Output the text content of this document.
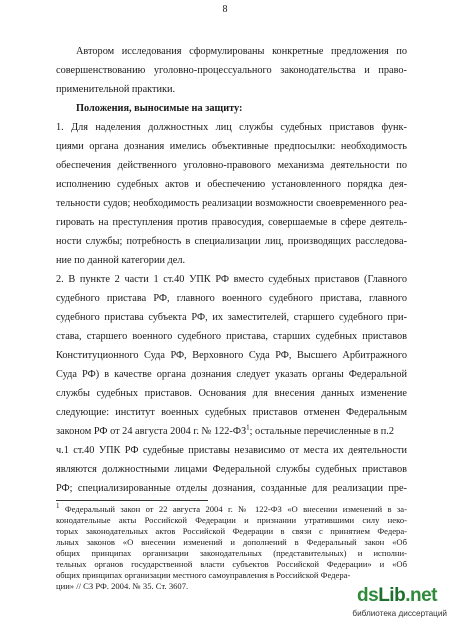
8
Автором исследования сформулированы конкретные предложения по
совершенствованию уголовно-процессуального законодательства и право-
применительной практики.
Положения, выносимые на защиту:
1. Для наделения должностных лиц службы судебных приставов функ-
циями органа дознания имелись объективные предпосылки: необходимость
обеспечения действенного уголовно-правового механизма деятельности по
исполнению судебных актов и обеспечению установленного порядка дея-
тельности судов; необходимость реализации возможности своевременного реа-
гировать на преступления против правосудия, совершаемые в сфере деятель-
ности службы; потребность в специализации лиц, производящих расследова-
ние по данной категории дел.
2. В пункте 2 части 1 ст.40 УПК РФ вместо судебных приставов (Главного
судебного пристава РФ, главного военного судебного пристава, главного
судебного пристава субъекта РФ, их заместителей, старшего судебного при-
става, старшего военного судебного пристава, старших судебных приставов
Конституционного Суда РФ, Верховного Суда РФ, Высшего Арбитражного
Суда РФ) в качестве органа дознания следует указать органы Федеральной
службы судебных приставов. Основания для внесения данных изменение
следующие: институт военных судебных приставов отменен Федеральным
законом РФ от 24 августа 2004 г. № $122-ФЗ^1$; остальные перечисленные в п.2
ч.1 ст.40 УПК РФ судебные приставы независимо от места их деятельности
являются должностными лицами Федеральной службы судебных приставов
РФ; специализированные отделы дознания, созданные для реализации пре-
$^1$ Федеральный закон от 22 августа 2004 г. № 122-ФЗ «О внесении изменений в за-
конодательные акты Российской Федерации и признании утратившими силу неко-
торых законодательных актов Российской Федерации в связи с принятием Федера-
льных законов «О внесении изменений и дополнений в Федеральный закон «Об
общих принципах организации законодательных (представительных) и исполни-
тельных органов государственной власти субъектов Российской Федерации» и «Об
общих принципах организации местного самоуправления в Российской Федера-
ции» // СЗ РФ. 2004. № 35. Ст. 3607.	dsLib.net
библиотека диссертаций
